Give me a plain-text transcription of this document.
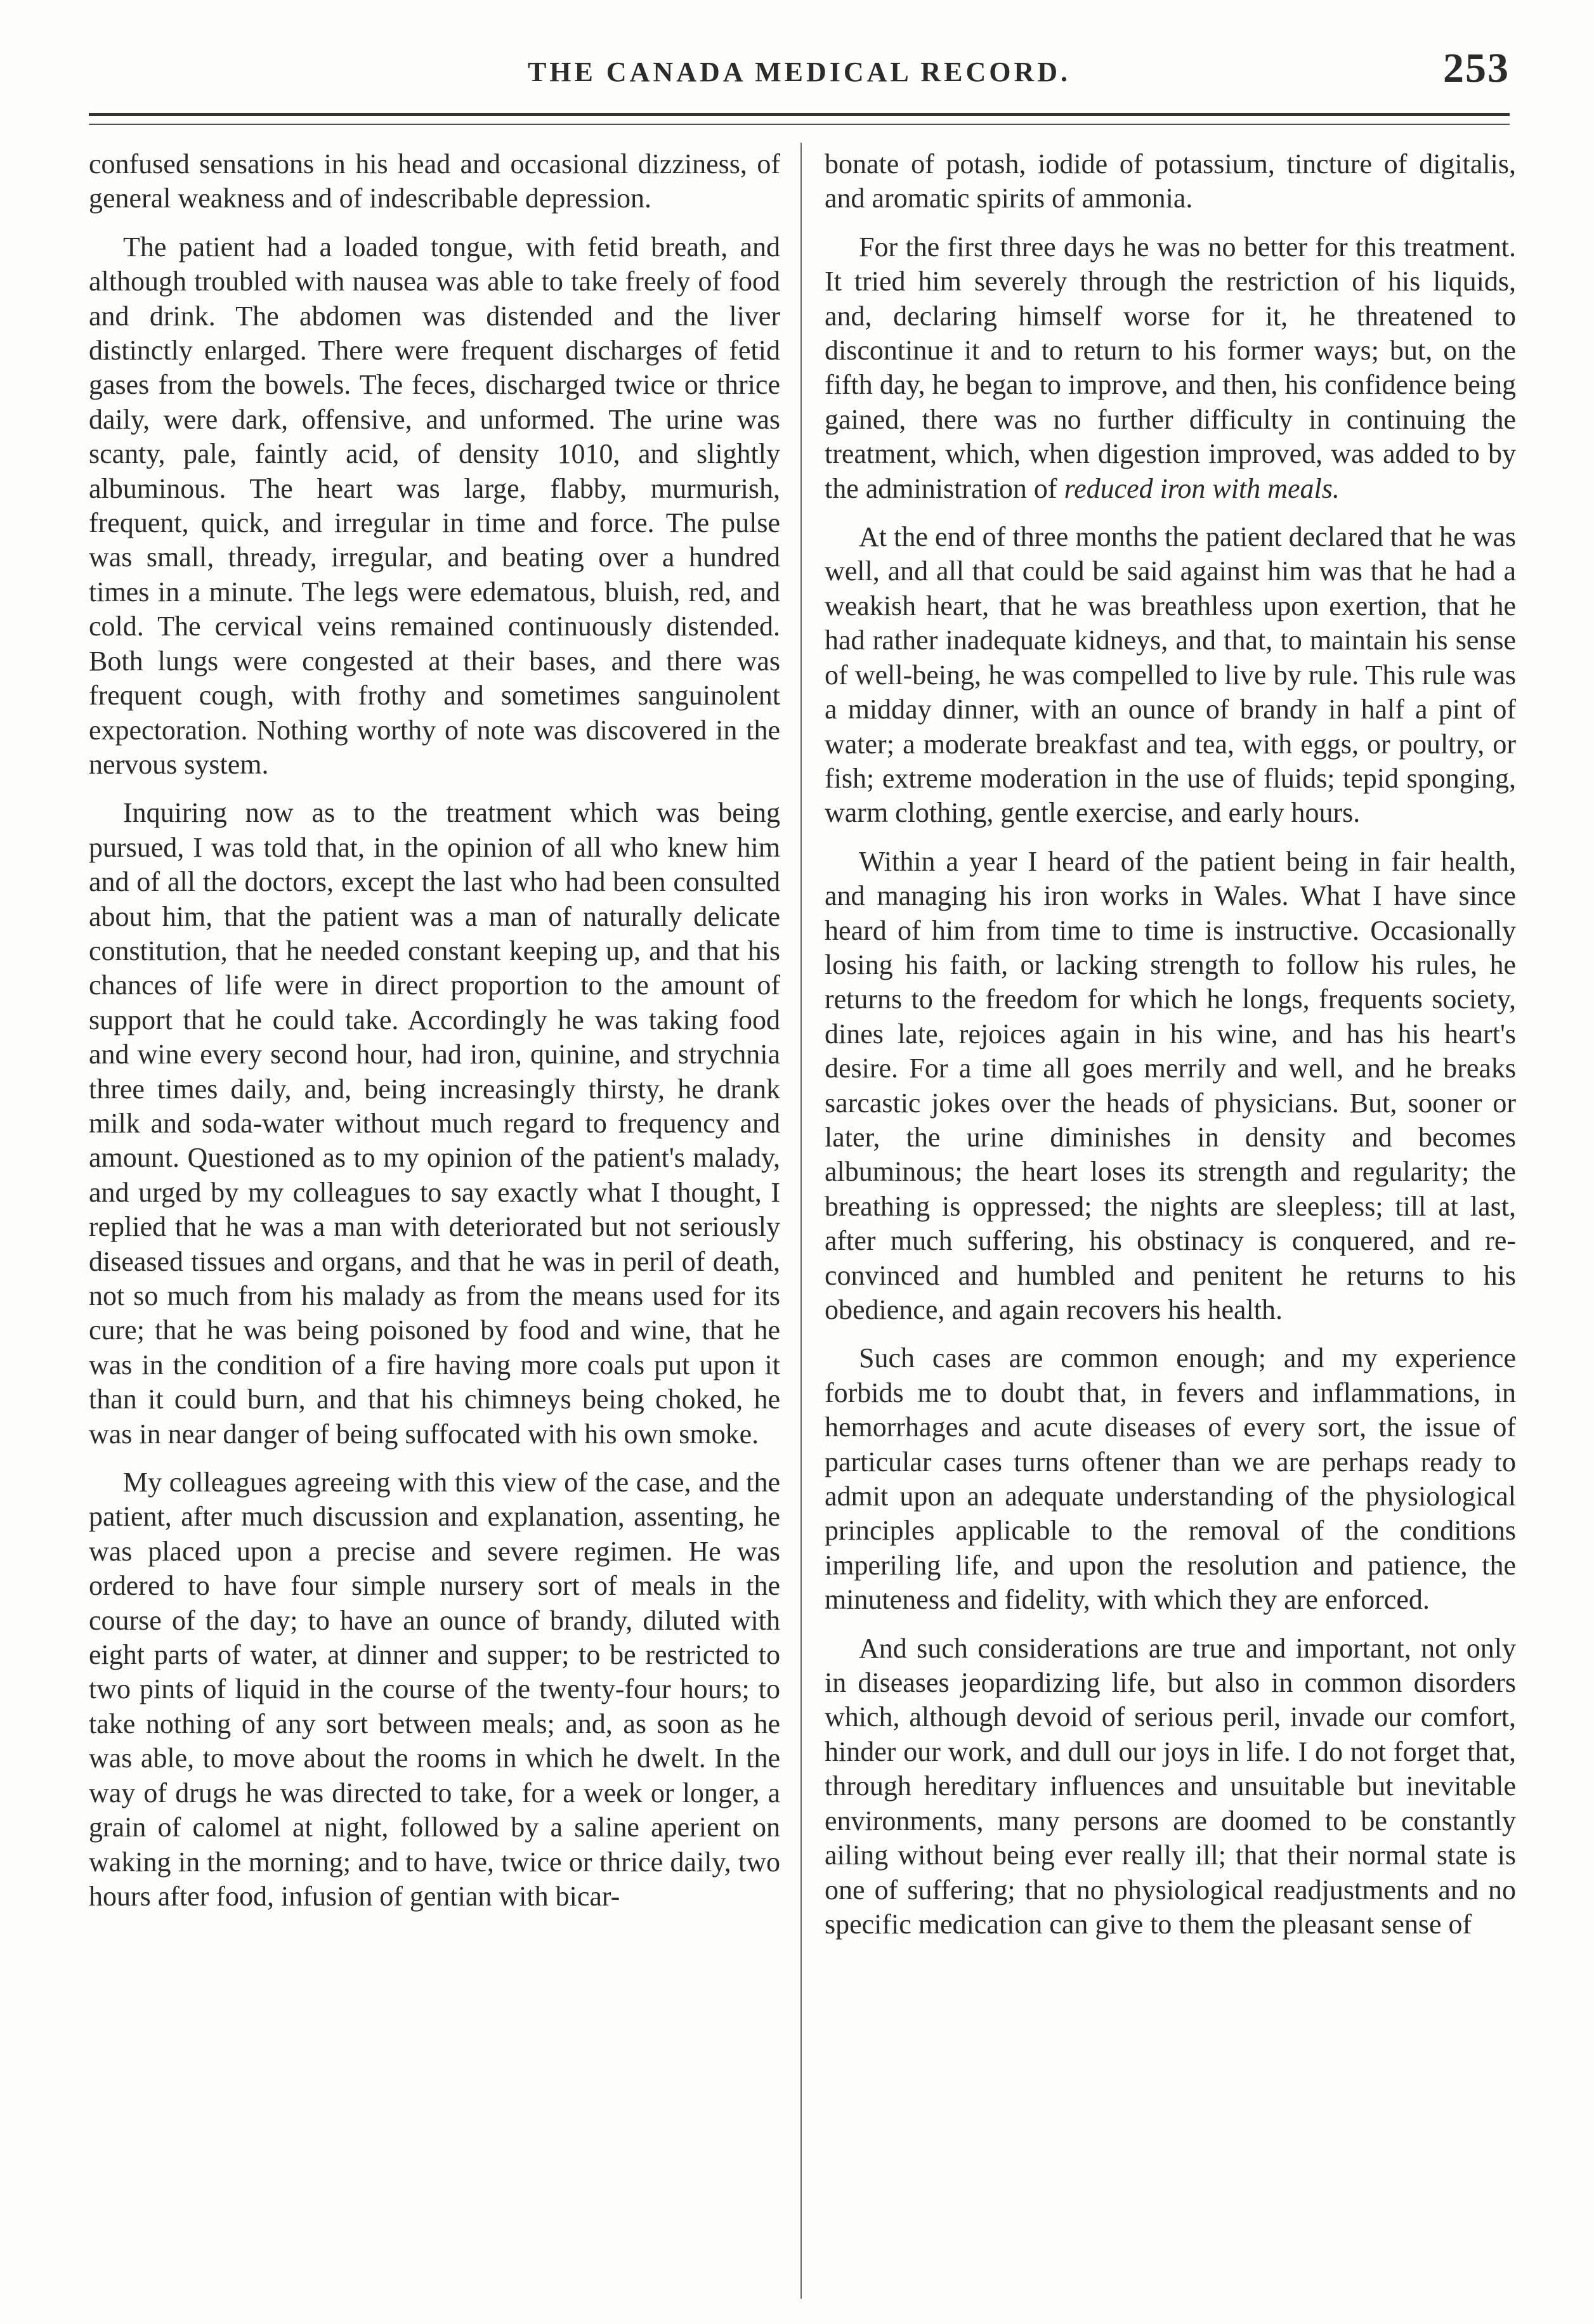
THE CANADA MEDICAL RECORD.	253

confused sensations in his head and occasional dizziness, of general weakness and of indescribable depression.

The patient had a loaded tongue, with fetid breath, and although troubled with nausea was able to take freely of food and drink. The abdomen was distended and the liver distinctly enlarged. There were frequent discharges of fetid gases from the bowels. The feces, discharged twice or thrice daily, were dark, offensive, and unformed. The urine was scanty, pale, faintly acid, of density 1010, and slightly albuminous. The heart was large, flabby, murmurish, frequent, quick, and irregular in time and force. The pulse was small, thready, irregular, and beating over a hundred times in a minute. The legs were edematous, bluish, red, and cold. The cervical veins remained continuously distended. Both lungs were congested at their bases, and there was frequent cough, with frothy and sometimes sanguinolent expectoration. Nothing worthy of note was discovered in the nervous system.

Inquiring now as to the treatment which was being pursued, I was told that, in the opinion of all who knew him and of all the doctors, except the last who had been consulted about him, that the patient was a man of naturally delicate constitution, that he needed constant keeping up, and that his chances of life were in direct proportion to the amount of support that he could take. Accordingly he was taking food and wine every second hour, had iron, quinine, and strychnia three times daily, and, being increasingly thirsty, he drank milk and soda-water without much regard to frequency and amount. Questioned as to my opinion of the patient's malady, and urged by my colleagues to say exactly what I thought, I replied that he was a man with deteriorated but not seriously diseased tissues and organs, and that he was in peril of death, not so much from his malady as from the means used for its cure; that he was being poisoned by food and wine, that he was in the condition of a fire having more coals put upon it than it could burn, and that his chimneys being choked, he was in near danger of being suffocated with his own smoke.

My colleagues agreeing with this view of the case, and the patient, after much discussion and explanation, assenting, he was placed upon a precise and severe regimen. He was ordered to have four simple nursery sort of meals in the course of the day; to have an ounce of brandy, diluted with eight parts of water, at dinner and supper; to be restricted to two pints of liquid in the course of the twenty-four hours; to take nothing of any sort between meals; and, as soon as he was able, to move about the rooms in which he dwelt. In the way of drugs he was directed to take, for a week or longer, a grain of calomel at night, followed by a saline aperient on waking in the morning; and to have, twice or thrice daily, two hours after food, infusion of gentian with bicar-

bonate of potash, iodide of potassium, tincture of digitalis, and aromatic spirits of ammonia.

For the first three days he was no better for this treatment. It tried him severely through the restriction of his liquids, and, declaring himself worse for it, he threatened to discontinue it and to return to his former ways; but, on the fifth day, he began to improve, and then, his confidence being gained, there was no further difficulty in continuing the treatment, which, when digestion improved, was added to by the administration of reduced iron with meals.

At the end of three months the patient declared that he was well, and all that could be said against him was that he had a weakish heart, that he was breathless upon exertion, that he had rather inadequate kidneys, and that, to maintain his sense of well-being, he was compelled to live by rule. This rule was a midday dinner, with an ounce of brandy in half a pint of water; a moderate breakfast and tea, with eggs, or poultry, or fish; extreme moderation in the use of fluids; tepid sponging, warm clothing, gentle exercise, and early hours.

Within a year I heard of the patient being in fair health, and managing his iron works in Wales. What I have since heard of him from time to time is instructive. Occasionally losing his faith, or lacking strength to follow his rules, he returns to the freedom for which he longs, frequents society, dines late, rejoices again in his wine, and has his heart's desire. For a time all goes merrily and well, and he breaks sarcastic jokes over the heads of physicians. But, sooner or later, the urine diminishes in density and becomes albuminous; the heart loses its strength and regularity; the breathing is oppressed; the nights are sleepless; till at last, after much suffering, his obstinacy is conquered, and re-convinced and humbled and penitent he returns to his obedience, and again recovers his health.

Such cases are common enough; and my experience forbids me to doubt that, in fevers and inflammations, in hemorrhages and acute diseases of every sort, the issue of particular cases turns oftener than we are perhaps ready to admit upon an adequate understanding of the physiological principles applicable to the removal of the conditions imperiling life, and upon the resolution and patience, the minuteness and fidelity, with which they are enforced.

And such considerations are true and important, not only in diseases jeopardizing life, but also in common disorders which, although devoid of serious peril, invade our comfort, hinder our work, and dull our joys in life. I do not forget that, through hereditary influences and unsuitable but inevitable environments, many persons are doomed to be constantly ailing without being ever really ill; that their normal state is one of suffering; that no physiological readjustments and no specific medication can give to them the pleasant sense of
